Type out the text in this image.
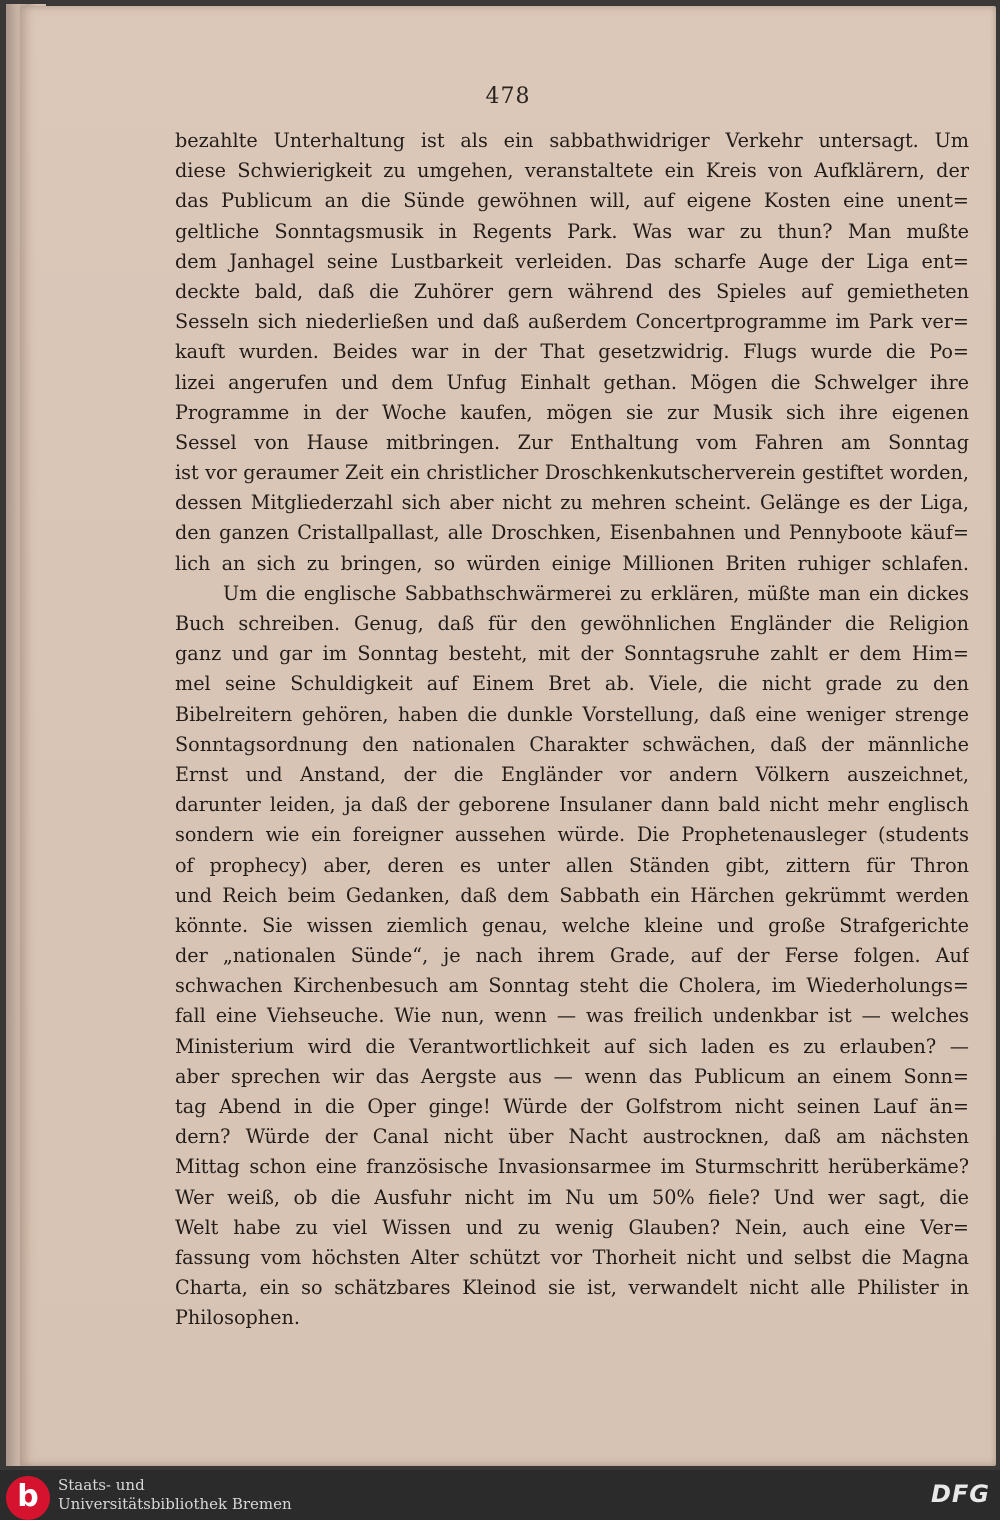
478
bezahlte Unterhaltung ist als ein sabbathwidriger Verkehr untersagt. Um
diese Schwierigkeit zu umgehen, veranstaltete ein Kreis von Aufklärern, der
das Publicum an die Sünde gewöhnen will, auf eigene Kosten eine unent=
geltliche Sonntagsmusik in Regents Park. Was war zu thun? Man mußte
dem Janhagel seine Lustbarkeit verleiden. Das scharfe Auge der Liga ent=
deckte bald, daß die Zuhörer gern während des Spieles auf gemietheten
Sesseln sich niederließen und daß außerdem Concertprogramme im Park ver=
kauft wurden. Beides war in der That gesetzwidrig. Flugs wurde die Po=
lizei angerufen und dem Unfug Einhalt gethan. Mögen die Schwelger ihre
Programme in der Woche kaufen, mögen sie zur Musik sich ihre eigenen
Sessel von Hause mitbringen. Zur Enthaltung vom Fahren am Sonntag
ist vor geraumer Zeit ein christlicher Droschkenkutscherverein gestiftet worden,
dessen Mitgliederzahl sich aber nicht zu mehren scheint. Gelänge es der Liga,
den ganzen Cristallpallast, alle Droschken, Eisenbahnen und Pennyboote käuf=
lich an sich zu bringen, so würden einige Millionen Briten ruhiger schlafen.
Um die englische Sabbathschwärmerei zu erklären, müßte man ein dickes
Buch schreiben. Genug, daß für den gewöhnlichen Engländer die Religion
ganz und gar im Sonntag besteht, mit der Sonntagsruhe zahlt er dem Him=
mel seine Schuldigkeit auf Einem Bret ab. Viele, die nicht grade zu den
Bibelreitern gehören, haben die dunkle Vorstellung, daß eine weniger strenge
Sonntagsordnung den nationalen Charakter schwächen, daß der männliche
Ernst und Anstand, der die Engländer vor andern Völkern auszeichnet,
darunter leiden, ja daß der geborene Insulaner dann bald nicht mehr englisch
sondern wie ein foreigner aussehen würde. Die Prophetenausleger (students
of prophecy) aber, deren es unter allen Ständen gibt, zittern für Thron
und Reich beim Gedanken, daß dem Sabbath ein Härchen gekrümmt werden
könnte. Sie wissen ziemlich genau, welche kleine und große Strafgerichte
der „nationalen Sünde“, je nach ihrem Grade, auf der Ferse folgen. Auf
schwachen Kirchenbesuch am Sonntag steht die Cholera, im Wiederholungs=
fall eine Viehseuche. Wie nun, wenn — was freilich undenkbar ist — welches
Ministerium wird die Verantwortlichkeit auf sich laden es zu erlauben? —
aber sprechen wir das Aergste aus — wenn das Publicum an einem Sonn=
tag Abend in die Oper ginge! Würde der Golfstrom nicht seinen Lauf än=
dern? Würde der Canal nicht über Nacht austrocknen, daß am nächsten
Mittag schon eine französische Invasionsarmee im Sturmschritt herüberkäme?
Wer weiß, ob die Ausfuhr nicht im Nu um 50% fiele? Und wer sagt, die
Welt habe zu viel Wissen und zu wenig Glauben? Nein, auch eine Ver=
fassung vom höchsten Alter schützt vor Thorheit nicht und selbst die Magna
Charta, ein so schätzbares Kleinod sie ist, verwandelt nicht alle Philister in
Philosophen.
b	Staats- und
Universitätsbibliothek Bremen	DFG
